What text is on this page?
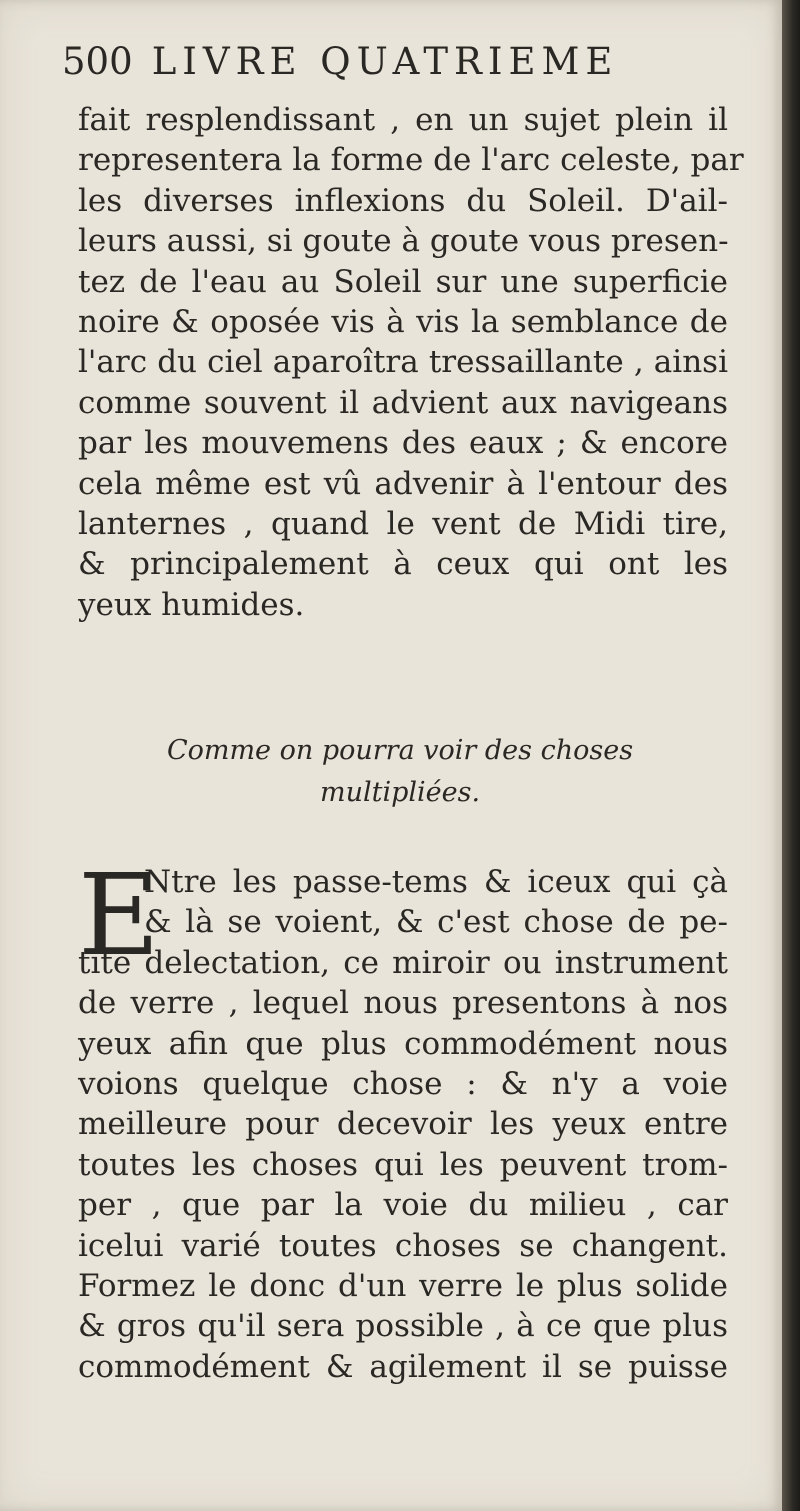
500 LIVRE QUATRIEME
fait resplendissant , en un sujet plein il
representera la forme de l'arc celeste, par
les diverses inflexions du Soleil. D'ail-
leurs aussi, si goute à goute vous presen-
tez de l'eau au Soleil sur une superficie
noire & oposée vis à vis la semblance de
l'arc du ciel aparoîtra tressaillante , ainsi
comme souvent il advient aux navigeans
par les mouvemens des eaux ; & encore
cela même est vû advenir à l'entour des
lanternes , quand le vent de Midi tire,
& principalement à ceux qui ont les
yeux humides.
Comme on pourra voir des choses
multipliées.
E
Ntre les passe-tems & iceux qui çà
& là se voient, & c'est chose de pe-
tite delectation, ce miroir ou instrument
de verre , lequel nous presentons à nos
yeux afin que plus commodément nous
voions quelque chose : & n'y a voie
meilleure pour decevoir les yeux entre
toutes les choses qui les peuvent trom-
per , que par la voie du milieu , car
icelui varié toutes choses se changent.
Formez le donc d'un verre le plus solide
& gros qu'il sera possible , à ce que plus
commodément & agilement il se puisse
